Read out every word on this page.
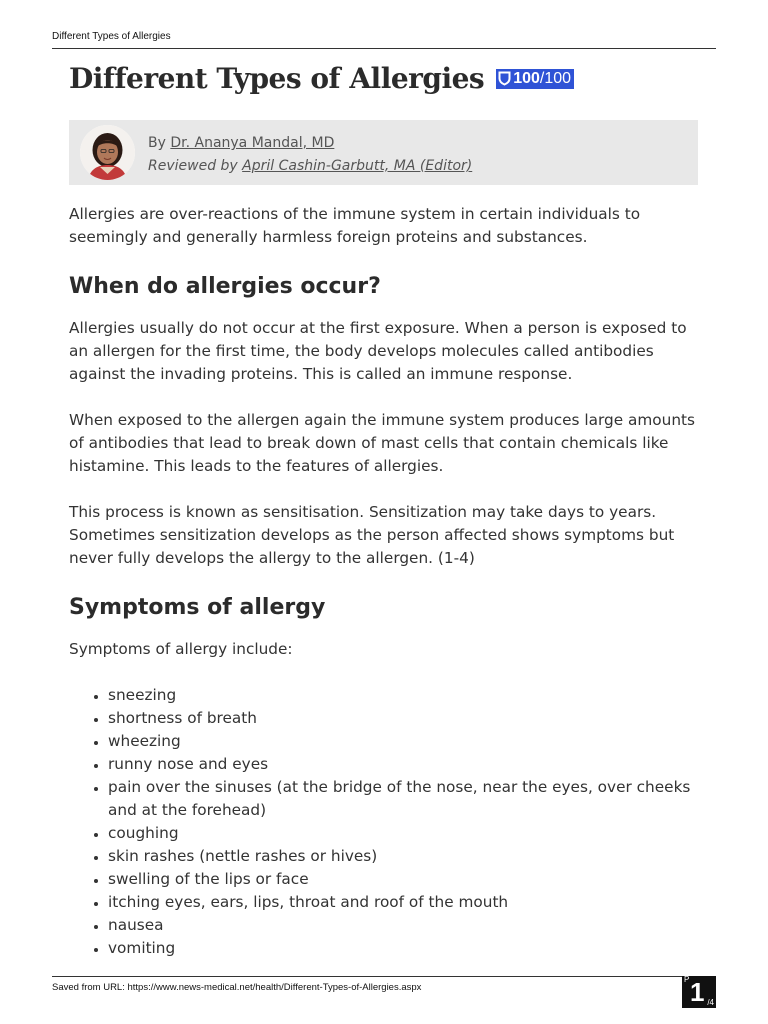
Different Types of Allergies
Different Types of Allergies 100 /100
By Dr. Ananya Mandal, MD
Reviewed by April Cashin-Garbutt, MA (Editor)

Allergies are over-reactions of the immune system in certain individuals to seemingly and generally harmless foreign proteins and substances.

When do allergies occur?

Allergies usually do not occur at the first exposure. When a person is exposed to an allergen for the first time, the body develops molecules called antibodies against the invading proteins. This is called an immune response.

When exposed to the allergen again the immune system produces large amounts of antibodies that lead to break down of mast cells that contain chemicals like histamine. This leads to the features of allergies.

This process is known as sensitisation. Sensitization may take days to years. Sometimes sensitization develops as the person affected shows symptoms but never fully develops the allergy to the allergen. (1-4)

Symptoms of allergy

Symptoms of allergy include:

• sneezing
• shortness of breath
• wheezing
• runny nose and eyes
• pain over the sinuses (at the bridge of the nose, near the eyes, over cheeks and at the forehead)
• coughing
• skin rashes (nettle rashes or hives)
• swelling of the lips or face
• itching eyes, ears, lips, throat and roof of the mouth
• nausea
• vomiting
Saved from URL: https://www.news-medical.net/health/Different-Types-of-Allergies.aspx
P 1 /4
